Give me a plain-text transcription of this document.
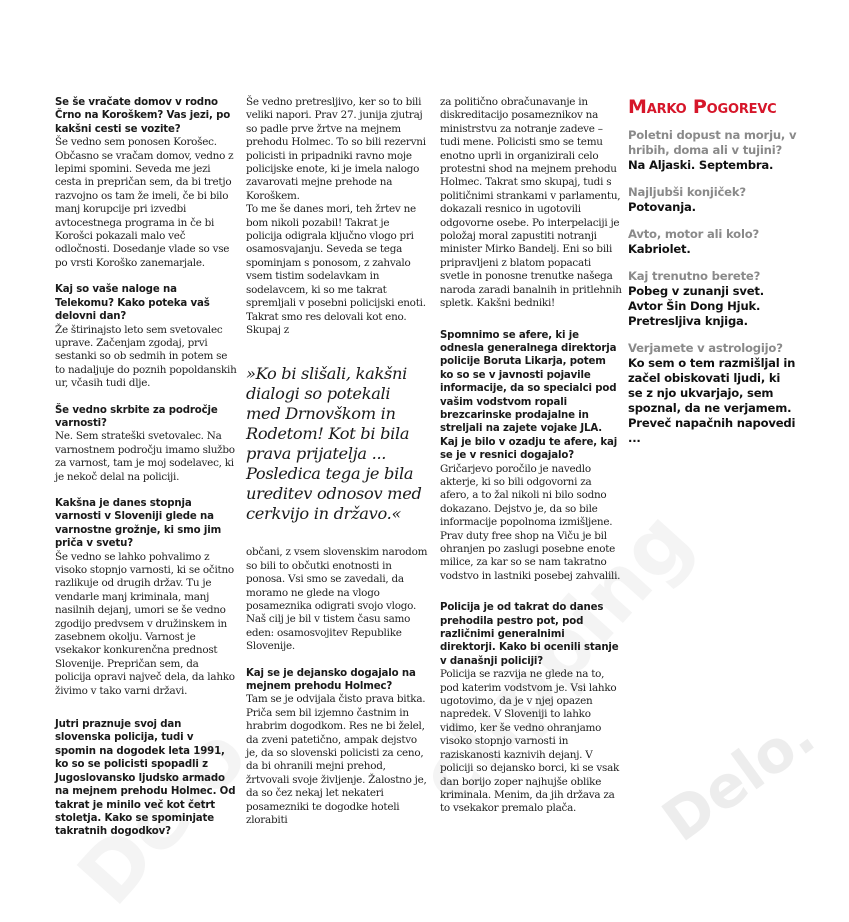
Delo.

Se še vračate domov v rodno Črno na Koroškem? Vas jezi, po kakšni cesti se vozite?

Še vedno sem ponosen Korošec. Občasno se vračam domov, vedno z lepimi spomini. Seveda me jezi cesta in prepričan sem, da bi tretjo razvojno os tam že imeli, če bi bilo manj korupcije pri izvedbi avtocestnega programa in če bi Korošci pokazali malo več odločnosti. Dosedanje vlade so vse po vrsti Koroško zanemarjale.

Kaj so vaše naloge na Telekomu? Kako poteka vaš delovni dan?

Že štirinajsto leto sem svetovalec uprave. Začenjam zgodaj, prvi sestanki so ob sedmih in potem se to nadaljuje do poznih popoldanskih ur, včasih tudi dlje.

Še vedno skrbite za področje varnosti?

Ne. Sem strateški svetovalec. Na varnostnem področju imamo službo za varnost, tam je moj sodelavec, ki je nekoč delal na policiji.

Kakšna je danes stopnja varnosti v Sloveniji glede na varnostne grožnje, ki smo jim priča v svetu?

Še vedno se lahko pohvalimo z visoko stopnjo varnosti, ki se očitno razlikuje od drugih držav. Tu je vendarle manj kriminala, manj nasilnih dejanj, umori se še vedno zgodijo predvsem v družinskem in zasebnem okolju. Varnost je vsekakor konkurenčna prednost Slovenije. Prepričan sem, da policija opravi največ dela, da lahko živimo v tako varni državi.

Jutri praznuje svoj dan slovenska policija, tudi v spomin na dogodek leta 1991, ko so se policisti spopadli z Jugoslovansko ljudsko armado na mejnem prehodu Holmec. Od takrat je minilo več kot četrt stoletja. Kako se spominjate takratnih dogodkov?

Še vedno pretresljivo, ker so to bili veliki napori. Prav 27. junija zjutraj so padle prve žrtve na mejnem prehodu Holmec. To so bili rezervni policisti in pripadniki ravno moje policijske enote, ki je imela nalogo zavarovati mejne prehode na Koroškem.

To me še danes mori, teh žrtev ne bom nikoli pozabil! Takrat je policija odigrala ključno vlogo pri osamosvajanju. Seveda se tega spominjam s ponosom, z zahvalo vsem tistim sodelavkam in sodelavcem, ki so me takrat spremljali v posebni policijski enoti. Takrat smo res delovali kot eno. Skupaj z

»Ko bi slišali, kakšni dialogi so potekali med Drnovškom in Rodetom! Kot bi bila prava prijatelja ... Posledica tega je bila ureditev odnosov med cerkvijo in državo.«

občani, z vsem slovenskim narodom so bili to občutki enotnosti in ponosa. Vsi smo se zavedali, da moramo ne glede na vlogo posameznika odigrati svojo vlogo. Naš cilj je bil v tistem času samo eden: osamosvojitev Republike Slovenije.

Kaj se je dejansko dogajalo na mejnem prehodu Holmec?

Tam se je odvijala čisto prava bitka. Priča sem bil izjemno častnim in hrabrim dogodkom. Res ne bi želel, da zveni patetično, ampak dejstvo je, da so slovenski policisti za ceno, da bi ohranili mejni prehod, žrtvovali svoje življenje. Žalostno je, da so čez nekaj let nekateri posamezniki te dogodke hoteli zlorabiti

za politično obračunavanje in diskreditacijo posameznikov na ministrstvu za notranje zadeve – tudi mene. Policisti smo se temu enotno uprli in organizirali celo protestni shod na mejnem prehodu Holmec. Takrat smo skupaj, tudi s političnimi strankami v parlamentu, dokazali resnico in ugotovili odgovorne osebe. Po interpelaciji je položaj moral zapustiti notranji minister Mirko Bandelj. Eni so bili pripravljeni z blatom popacati svetle in ponosne trenutke našega naroda zaradi banalnih in pritlehnih spletk. Kakšni bedniki!

Spomnimo se afere, ki je odnesla generalnega direktorja policije Boruta Likarja, potem ko so se v javnosti pojavile informacije, da so specialci pod vašim vodstvom ropali brezcarinske prodajalne in streljali na zajete vojake JLA. Kaj je bilo v ozadju te afere, kaj se je v resnici dogajalo?

Gričarjevo poročilo je navedlo akterje, ki so bili odgovorni za afero, a to žal nikoli ni bilo sodno dokazano. Dejstvo je, da so bile informacije popolnoma izmišljene. Prav duty free shop na Viču je bil ohranjen po zaslugi posebne enote milice, za kar so se nam takratno vodstvo in lastniki posebej zahvalili.

Policija je od takrat do danes prehodila pestro pot, pod različnimi generalnimi direktorji. Kako bi ocenili stanje v današnji policiji?

Policija se razvija ne glede na to, pod katerim vodstvom je. Vsi lahko ugotovimo, da je v njej opazen napredek. V Sloveniji to lahko vidimo, ker še vedno ohranjamo visoko stopnjo varnosti in raziskanosti kaznivih dejanj. V policiji so dejansko borci, ki se vsak dan borijo zoper najhujše oblike kriminala. Menim, da jih država za to vsekakor premalo plača.

Marko Pogorevc

Poletni dopust na morju, v hribih, doma ali v tujini?

Na Aljaski. Septembra.

Najljubši konjiček?

Potovanja.

Avto, motor ali kolo?

Kabriolet.

Kaj trenutno berete?

Pobeg v zunanji svet. Avtor Šin Dong Hjuk. Pretresljiva knjiga.

Verjamete v astrologijo?

Ko sem o tem razmišljal in začel obiskovati ljudi, ki se z njo ukvarjajo, sem spoznal, da ne verjamem. Preveč napačnih napovedi ...
